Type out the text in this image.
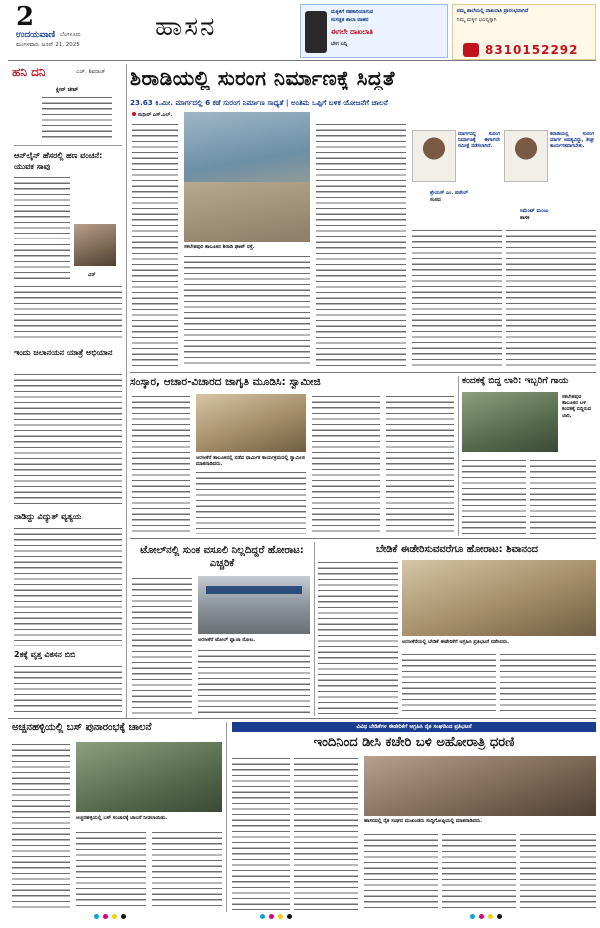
2
ಉದಯವಾಣಿ ಬೆಂಗಳೂರು
ಮಂಗಳವಾರ, ಜೂನ್ 21, 2025
ಹಾಸನ	ಮಕ್ಕಳಿಗೆ ಸಹಕಾರಿಯಾಗುವ
ಸುಸಜ್ಜಿತ ಶಾಲಾ ವಾಹನ
ಈಗಲೇ ದಾಖಲಾತಿ
ಬೇಗ ಬನ್ನಿ
ನಮ್ಮ ಶಾಲೆಯಲ್ಲಿ ದಾಖಲಾತಿ ಪ್ರಾರಂಭವಾಗಿದೆ
ನಿಮ್ಮ ಮಕ್ಕಳ ಭವಿಷ್ಯಕ್ಕಾಗಿ
8310152292
ಹನಿ ದನಿ	ಎಚ್. ಶಿವರಾಜ್
ಕ್ಲೀನ್ ಚೀಟ್
ಆನ್‌ಲೈನ್ ಹೆಸರಲ್ಲಿ ಹಣ ವಂಚನೆ: ಯುವಕ ಸಾವು
ವಿನ್
ಇಂದು ಜಲಾನಯನ ಯಾತ್ರೆ ಅಭಿಯಾನ
ನಾಡಿದ್ದು ವಿದ್ಯುತ್ ವ್ಯತ್ಯಯ
2ಕಕ್ಕೆ ವೃತ್ತ ವಿಕಸನ ಬಿಬಿ
ಶಿರಾಡಿಯಲ್ಲಿ ಸುರಂಗ ನಿರ್ಮಾಣಕ್ಕೆ ಸಿದ್ಧತೆ
23.63 ಕಿ.ಮೀ. ಮಾರ್ಗದಲ್ಲಿ 6 ಕಡೆ ಸುರಂಗ ನಿರ್ಮಾಣ ಸಾಧ್ಯತೆ | ಅಂತಿಮ ಒಪ್ಪಿಗೆ ಬಳಿಕ ಯೋಜನೆಗೆ ಚಾಲನೆ
ಸುಧೀರ್ ಎಸ್.ಎಲ್.
ಸಕಲೇಶಪುರ ತಾಲೂಕಿನ ಶಿರಾಡಿ ಘಾಟ್ ರಸ್ತೆ.
ಮಾರ್ಗದಲ್ಲಿ ಸುರಂಗ ನಿರ್ಮಾಣಕ್ಕೆ ಈಗಾಗಲೇ ಸಮೀಕ್ಷೆ ನಡೆಸಲಾಗಿದೆ.
ಶ್ರೇಯಸ್ ಎಂ. ಪಟೇಲ್
ಸಂಸದ
ಶಿರಾಡಿಯಲ್ಲಿ ಸುರಂಗ ಮಾರ್ಗ ಅವಶ್ಯವಿದ್ದು, ಶೀಘ್ರ ಕಾರ್ಯಗತವಾಗಬೇಕು.
ಸಿಮೆಂಟ್ ಮಂಜು
ಶಾಸಕ
ಸಂಸ್ಕಾರ, ಆಚಾರ-ವಿಚಾರದ ಜಾಗೃತಿ ಮೂಡಿಸಿ: ಸ್ವಾಮೀಜಿ
ಅರಸೀಕೆರೆ ತಾಲೂಕಿನಲ್ಲಿ ನಡೆದ ಧಾರ್ಮಿಕ ಕಾರ್ಯಕ್ರಮದಲ್ಲಿ ಸ್ವಾಮೀಜಿ ಮಾತನಾಡಿದರು.
ಕಂದಕಕ್ಕೆ ಬಿದ್ದ ಲಾರಿ: ಇಬ್ಬರಿಗೆ ಗಾಯ
ಸಕಲೇಶಪುರ ತಾಲೂಕಿನ ಬಳಿ ಕಂದಕಕ್ಕೆ ಬಿದ್ದಿರುವ ಲಾರಿ.
ಟೋಲ್‌ನಲ್ಲಿ ಸುಂಕ ವಸೂಲಿ ನಿಲ್ಲದಿದ್ದರೆ ಹೋರಾಟ: ಎಚ್ಚರಿಕೆ
ಅರಸೀಕೆರೆ ಟೋಲ್ ಪ್ಲಾಜಾ ನೋಟ.
ಬೇಡಿಕೆ ಈಡೇರಿಸುವವರೆಗೂ ಹೋರಾಟ: ಶಿವಾನಂದ
ಅರಸೀಕೆರೆಯಲ್ಲಿ ಬೇಡಿಕೆ ಈಡೇರಿಕೆಗೆ ಆಗ್ರಹಿಸಿ ಪ್ರತಿಭಟನೆ ನಡೆಸಿದರು.
ಅಚ್ಚನಹಳ್ಳಿಯಲ್ಲಿ ಬಸ್ ಪುನಾರಂಭಕ್ಕೆ ಚಾಲನೆ
ಅಚ್ಚನಹಳ್ಳಿಯಲ್ಲಿ ಬಸ್ ಸಂಚಾರಕ್ಕೆ ಚಾಲನೆ ನೀಡಲಾಯಿತು.
ವಿವಿಧ ಬೇಡಿಕೆಗಳ ಈಡೇರಿಕೆಗೆ ಆಗ್ರಹಿಸಿ ರೈತ ಸಂಘದಿಂದ ಪ್ರತಿಭಟನೆ
ಇಂದಿನಿಂದ ಡೀಸಿ ಕಚೇರಿ ಬಳಿ ಅಹೋರಾತ್ರಿ ಧರಣಿ
ಹಾಸನದಲ್ಲಿ ರೈತ ಸಂಘದ ಮುಖಂಡರು ಸುದ್ದಿಗೋಷ್ಠಿಯಲ್ಲಿ ಮಾತನಾಡಿದರು.
